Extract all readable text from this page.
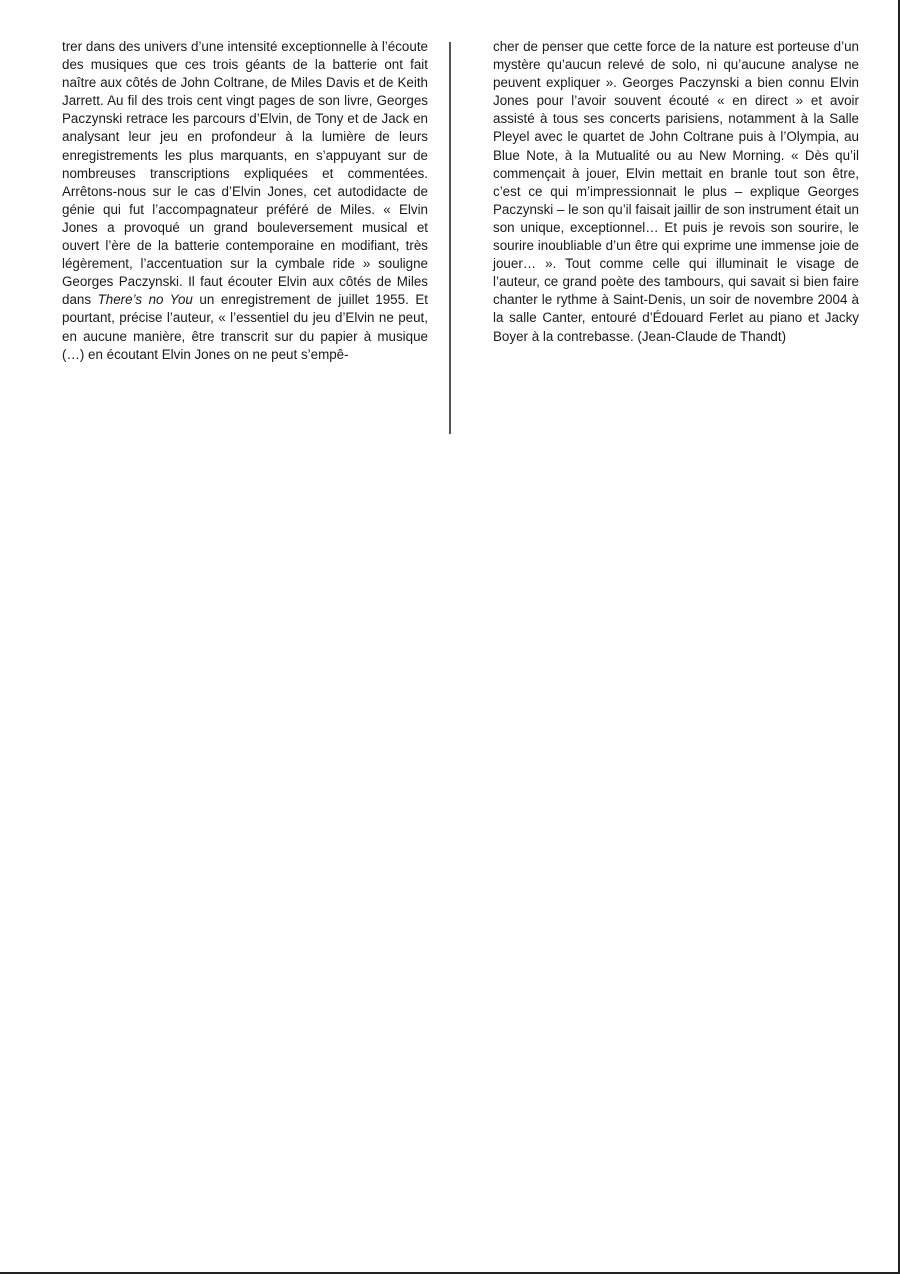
trer dans des univers d’une intensité exceptionnelle à l’écoute des musiques que ces trois géants de la batterie ont fait naître aux côtés de John Coltrane, de Miles Davis et de Keith Jarrett. Au fil des trois cent vingt pages de son livre, Georges Paczynski retrace les parcours d’Elvin, de Tony et de Jack en analysant leur jeu en profondeur à la lumière de leurs enregistrements les plus marquants, en s’appuyant sur de nombreuses transcriptions expliquées et commentées. Arrêtons-nous sur le cas d’Elvin Jones, cet autodidacte de génie qui fut l’accompagnateur préféré de Miles. « Elvin Jones a provoqué un grand bouleversement musical et ouvert l’ère de la batterie contemporaine en modifiant, très légèrement, l’accentuation sur la cymbale ride » souligne Georges Paczynski. Il faut écouter Elvin aux côtés de Miles dans There’s no You un enregistrement de juillet 1955. Et pourtant, précise l’auteur, « l’essentiel du jeu d’Elvin ne peut, en aucune manière, être transcrit sur du papier à musique (…) en écoutant Elvin Jones on ne peut s’empê-

cher de penser que cette force de la nature est porteuse d’un mystère qu’aucun relevé de solo, ni qu’aucune analyse ne peuvent expliquer ». Georges Paczynski a bien connu Elvin Jones pour l’avoir souvent écouté « en direct » et avoir assisté à tous ses concerts parisiens, notamment à la Salle Pleyel avec le quartet de John Coltrane puis à l’Olympia, au Blue Note, à la Mutualité ou au New Morning. « Dès qu’il commençait à jouer, Elvin mettait en branle tout son être, c’est ce qui m’impressionnait le plus – explique Georges Paczynski – le son qu’il faisait jaillir de son instrument était un son unique, exceptionnel… Et puis je revois son sourire, le sourire inoubliable d’un être qui exprime une immense joie de jouer… ». Tout comme celle qui illuminait le visage de l’auteur, ce grand poète des tambours, qui savait si bien faire chanter le rythme à Saint-Denis, un soir de novembre 2004 à la salle Canter, entouré d’Édouard Ferlet au piano et Jacky Boyer à la contrebasse. (Jean-Claude de Thandt)
